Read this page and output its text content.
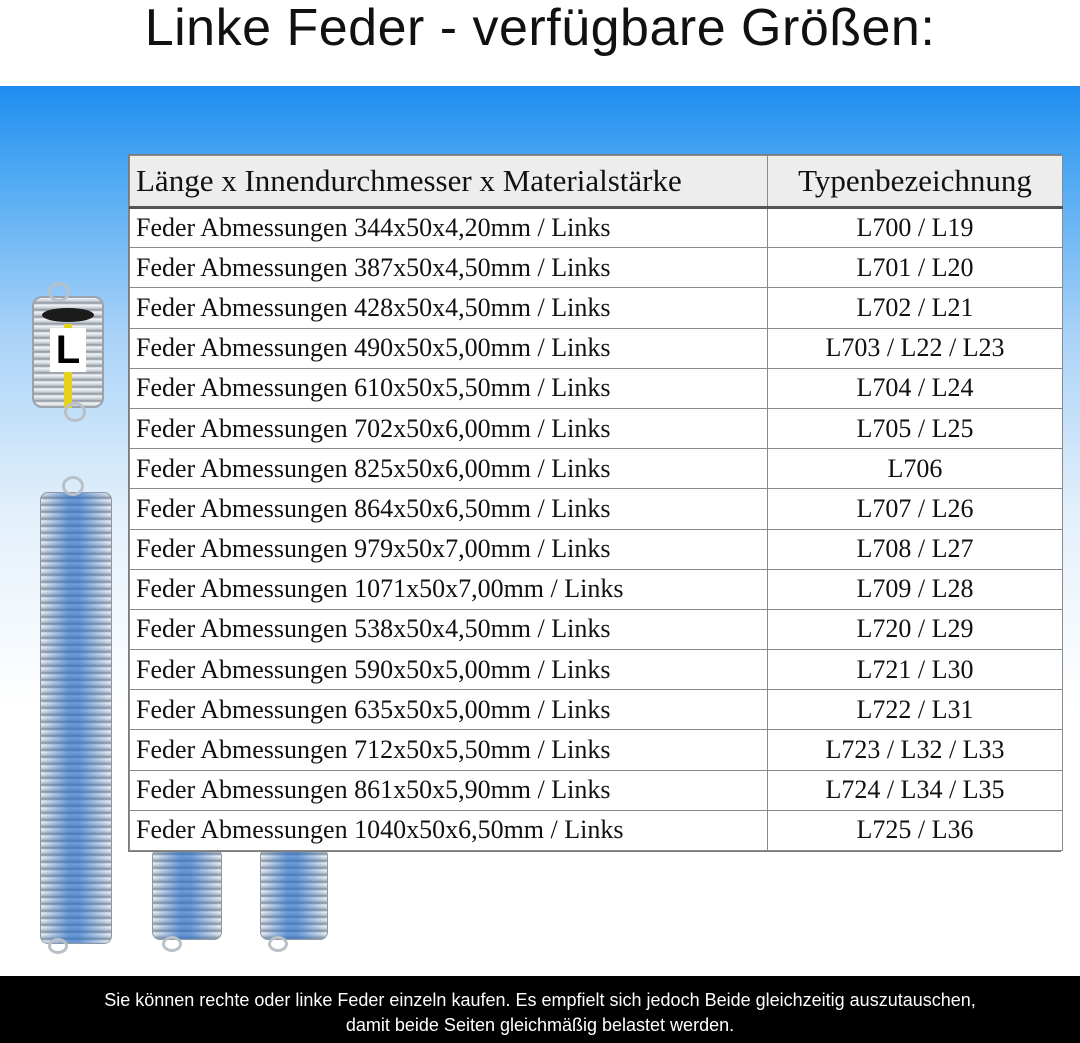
Linke Feder - verfügbare Größen:
L
Länge x Innendurchmesser x Materialstärke	Typenbezeichnung
Feder Abmessungen 344x50x4,20mm / Links	L700 / L19
Feder Abmessungen 387x50x4,50mm / Links	L701 / L20
Feder Abmessungen 428x50x4,50mm / Links	L702 / L21
Feder Abmessungen 490x50x5,00mm / Links	L703 / L22 / L23
Feder Abmessungen 610x50x5,50mm / Links	L704 / L24
Feder Abmessungen 702x50x6,00mm / Links	L705 / L25
Feder Abmessungen 825x50x6,00mm / Links	L706
Feder Abmessungen 864x50x6,50mm / Links	L707 / L26
Feder Abmessungen 979x50x7,00mm / Links	L708 / L27
Feder Abmessungen 1071x50x7,00mm / Links	L709 / L28
Feder Abmessungen 538x50x4,50mm / Links	L720 / L29
Feder Abmessungen 590x50x5,00mm / Links	L721 / L30
Feder Abmessungen 635x50x5,00mm / Links	L722 / L31
Feder Abmessungen 712x50x5,50mm / Links	L723 / L32 / L33
Feder Abmessungen 861x50x5,90mm / Links	L724 / L34 / L35
Feder Abmessungen 1040x50x6,50mm / Links	L725 / L36
Sie können rechte oder linke Feder einzeln kaufen. Es empfielt sich jedoch Beide gleichzeitig auszutauschen,
damit beide Seiten gleichmäßig belastet werden.
